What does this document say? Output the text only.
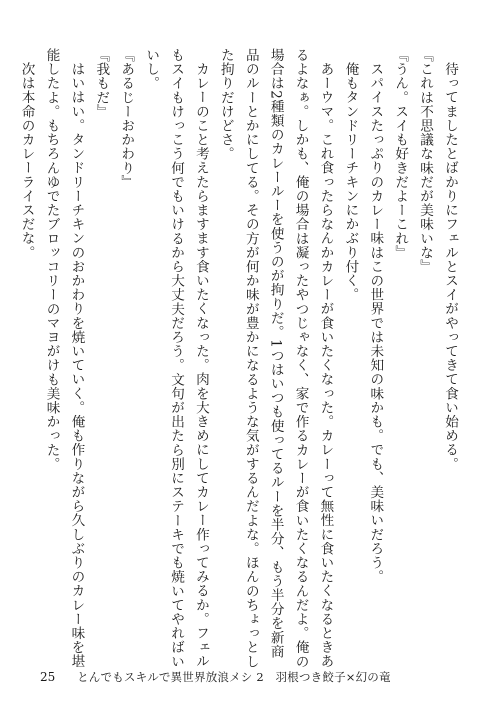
待ってましたとばかりにフェルとスイがやってきて食い始める。
『これは不思議な味だが美味いな』
『うん。スイも好きだよーこれ』
スパイスたっぷりのカレー味はこの世界では未知の味かも。でも、美味いだろう。
俺もタンドリーチキンにかぶり付く。
あーウマ。これ食ったらなんかカレーが食いたくなった。カレーって無性に食いたくなるときあ
るよなぁ。しかも、俺の場合は凝ったやつじゃなく、家で作るカレーが食いたくなるんだよ。俺の
場合は2種類のカレールーを使うのが拘りだ。1つはいつも使ってるルーを半分、もう半分を新商
品のルーとかにしてる。その方が何か味が豊かになるような気がするんだよな。ほんのちょっとし
た拘りだけどさ。
カレーのこと考えたらますます食いたくなった。肉を大きめにしてカレー作ってみるか。フェル
もスイもけっこう何でもいけるから大丈夫だろう。文句が出たら別にステーキでも焼いてやればい
いし。
『あるじーおかわり』
『我もだ』
はいはい。タンドリーチキンのおかわりを焼いていく。俺も作りながら久しぶりのカレー味を堪
能したよ。もちろんゆでたブロッコリーのマヨがけも美味かった。
次は本命のカレーライスだな。
25 とんでもスキルで異世界放浪メシ 2　羽根つき餃子×幻の竜
